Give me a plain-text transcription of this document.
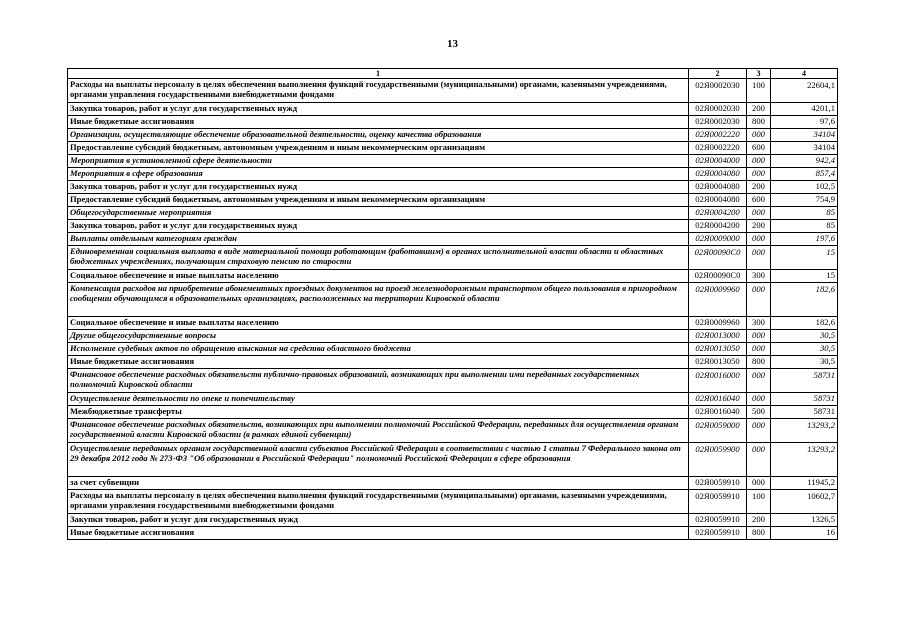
13
1	2	3	4
Расходы на выплаты персоналу в целях обеспечения выполнения функций государственными (муниципальными) органами, казенными учреждениями, органами управления государственными внебюджетными фондами	02Я0002030	100	22604,1
Закупка товаров, работ и услуг для государственных нужд	02Я0002030	200	4201,1
Иные бюджетные ассигнования	02Я0002030	800	97,6
Организации, осуществляющие обеспечение образовательной деятельности, оценку качества образования	02Я0002220	000	34104
Предоставление субсидий бюджетным, автономным учреждениям и иным некоммерческим организациям	02Я0002220	600	34104
Мероприятия в установленной сфере деятельности	02Я0004000	000	942,4
Мероприятия в сфере образования	02Я0004080	000	857,4
Закупка товаров, работ и услуг для государственных нужд	02Я0004080	200	102,5
Предоставление субсидий бюджетным, автономным учреждениям и иным некоммерческим организациям	02Я0004080	600	754,9
Общегосударственные мероприятия	02Я0004200	000	85
Закупка товаров, работ и услуг для государственных нужд	02Я0004200	200	85
Выплаты отдельным категориям граждан	02Я0009000	000	197,6
Единовременная социальная выплата в виде материальной помощи работающим (работавшим) в органах исполнительной власти области и областных бюджетных учреждениях, получающим страховую пенсию по старости	02Я00090С0	000	15
Социальное обеспечение и иные выплаты населению	02Я00090С0	300	15
Компенсация расходов на приобретение абонементных проездных документов на проезд железнодорожным транспортом общего пользования в пригородном сообщении обучающимся в образовательных организациях, расположенных на территории Кировской области	02Я0009960	000	182,6
Социальное обеспечение и иные выплаты населению	02Я0009960	300	182,6
Другие общегосударственные вопросы	02Я0013000	000	30,5
Исполнение судебных актов по обращению взыскания на средства областного бюджета	02Я0013050	000	30,5
Иные бюджетные ассигнования	02Я0013050	800	30,5
Финансовое обеспечение расходных обязательств публично-правовых образований, возникающих при выполнении ими переданных государственных полномочий Кировской области	02Я0016000	000	58731
Осуществление деятельности по опеке и попечительству	02Я0016040	000	58731
Межбюджетные трансферты	02Я0016040	500	58731
Финансовое обеспечение расходных обязательств, возникающих при выполнении полномочий Российской Федерации, переданных для осуществления органам государственной власти Кировской области (в рамках единой субвенции)	02Я0059000	000	13293,2
Осуществление переданных органам государственной власти субъектов Российской Федерации в соответствии с частью 1 статьи 7 Федерального закона от 29 декабря 2012 года № 273-ФЗ "Об образовании в Российской Федерации" полномочий Российской Федерации в сфере образования	02Я0059900	000	13293,2
за счет субвенции	02Я0059910	000	11945,2
Расходы на выплаты персоналу в целях обеспечения выполнения функций государственными (муниципальными) органами, казенными учреждениями, органами управления государственными внебюджетными фондами	02Я0059910	100	10602,7
Закупки товаров, работ и услуг для государственных нужд	02Я0059910	200	1326,5
Иные бюджетные ассигнования	02Я0059910	800	16
